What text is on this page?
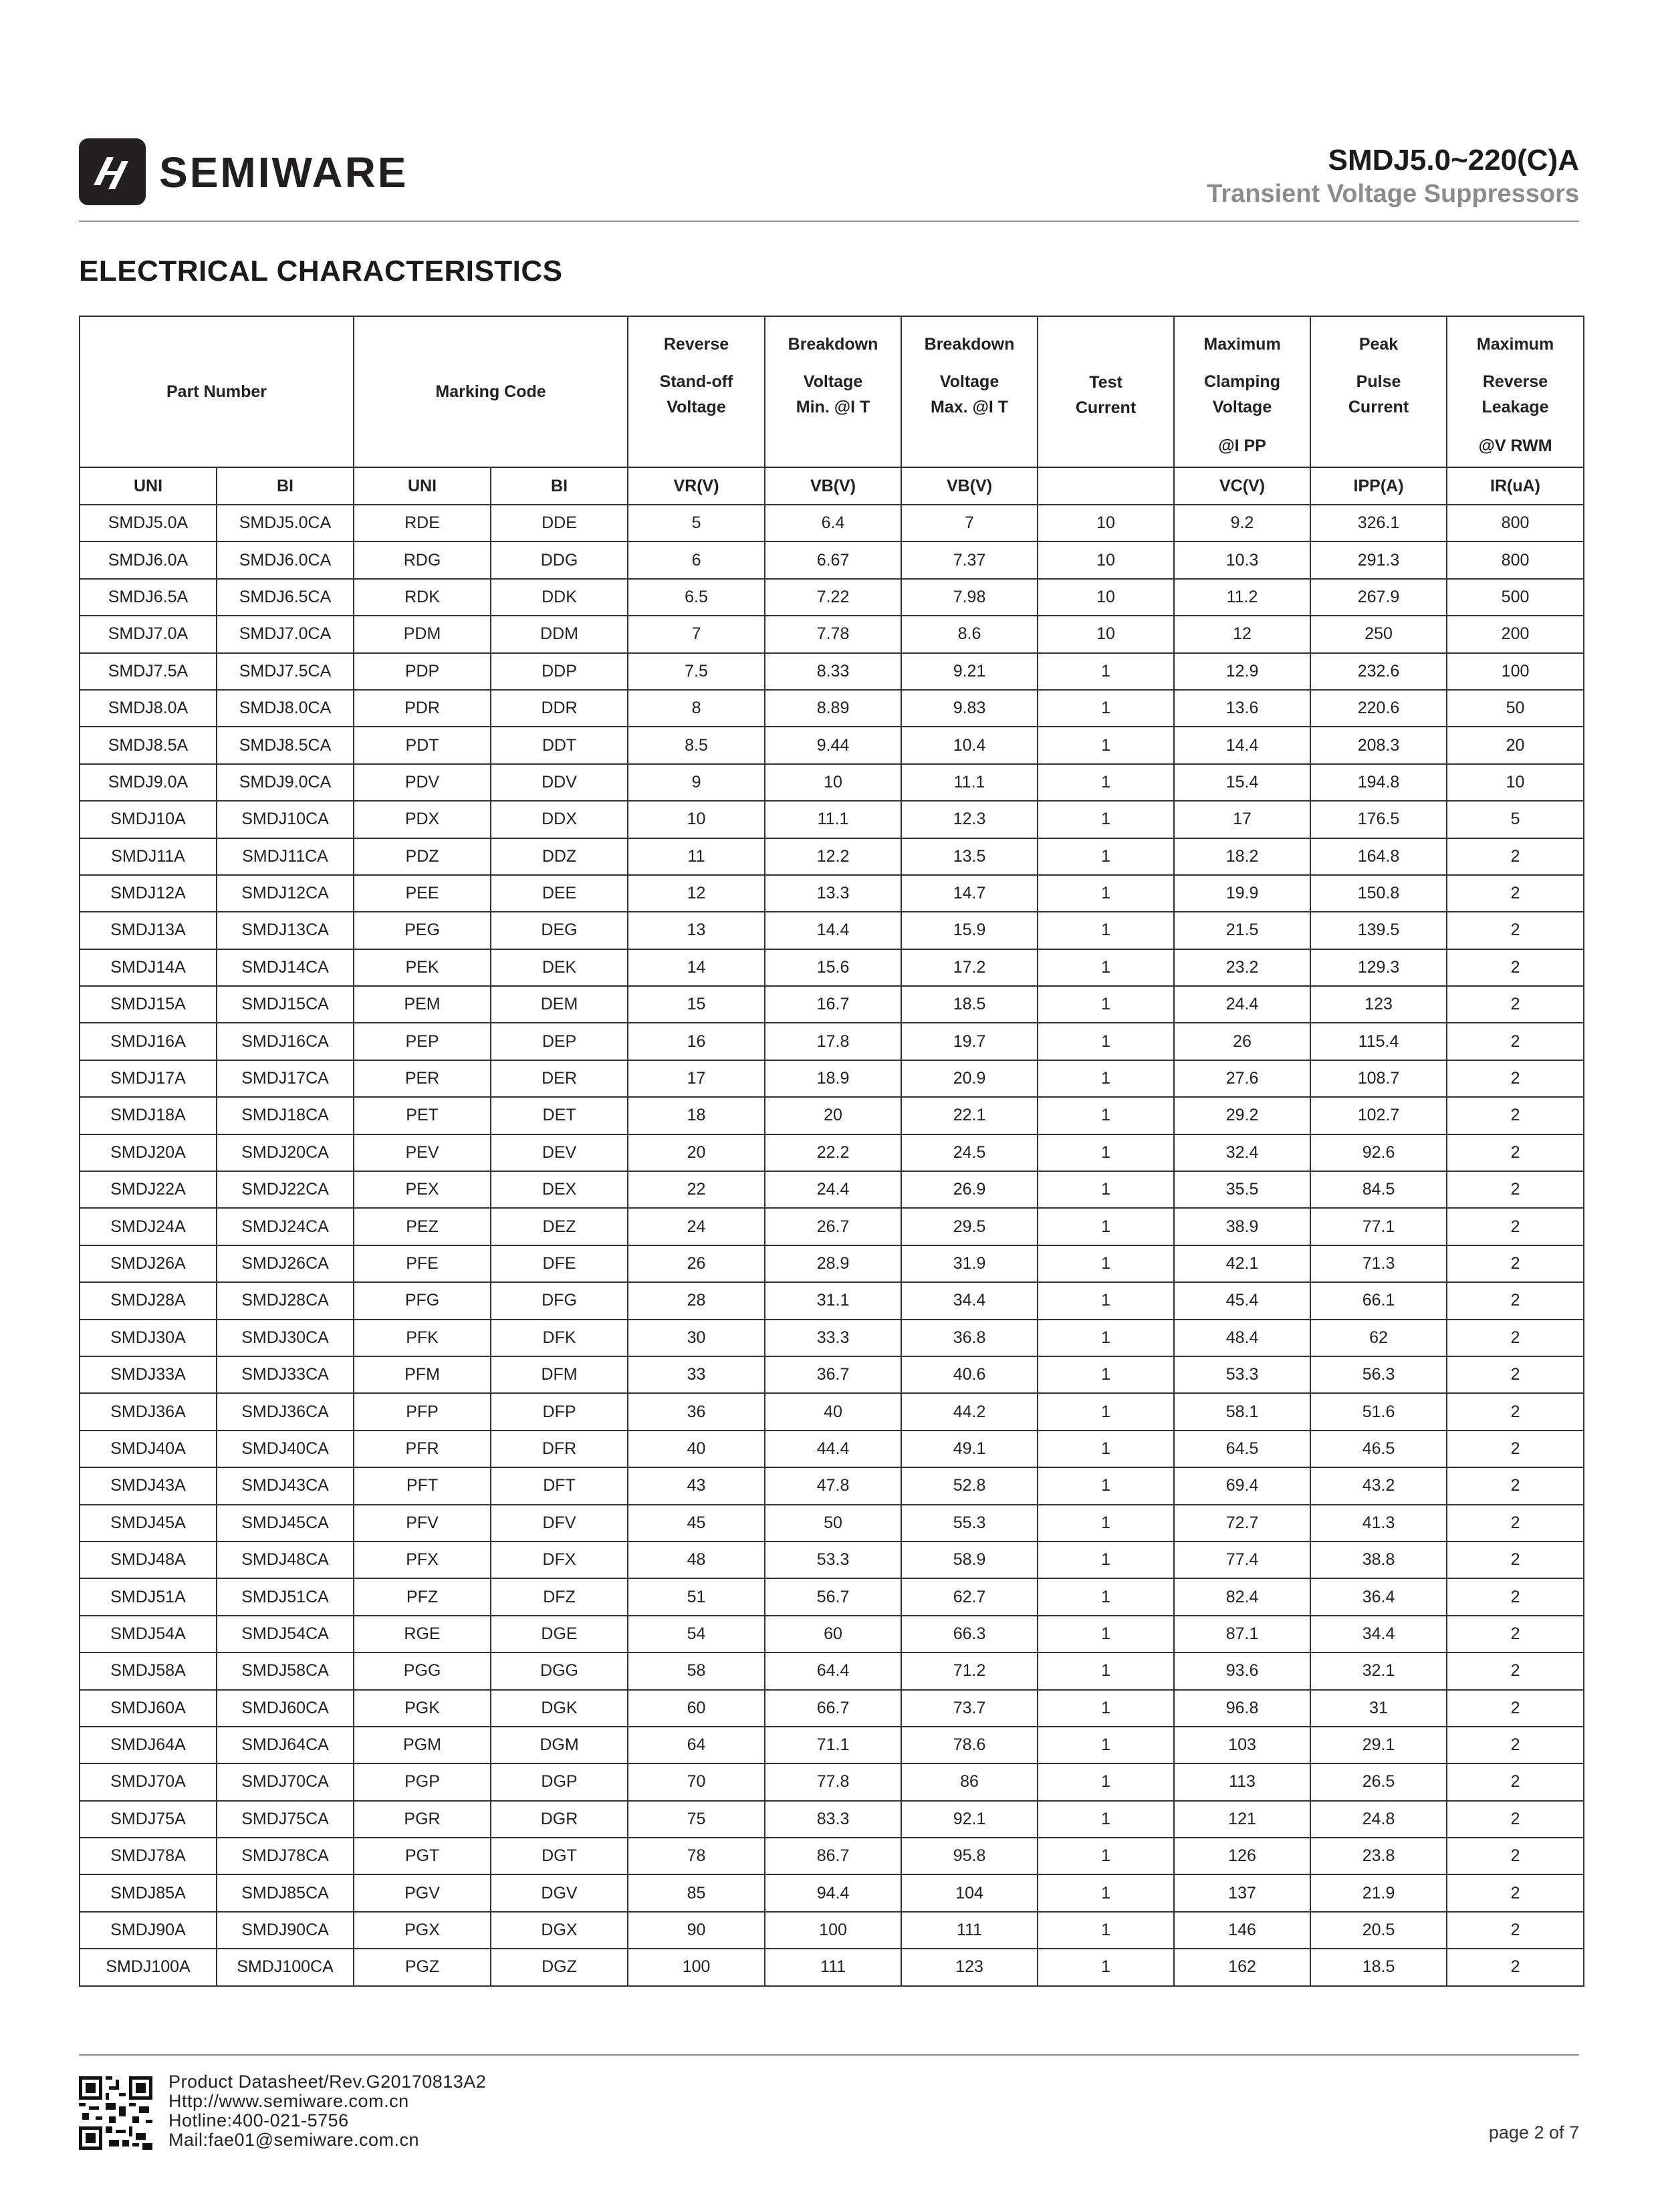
SEMIWARE	SMDJ5.0~220(C)A
Transient Voltage Suppressors
ELECTRICAL CHARACTERISTICS
Part Number		Marking Code		Reverse
Stand-off
Voltage	Breakdown
Voltage
Min. @I T	Breakdown
Voltage
Max. @I T	Test
Current	Maximum
Clamping
Voltage
@I PP	Peak
Pulse
Current	Maximum
Reverse
Leakage
@V RWM

UNI	BI	UNI	BI	VR(V)	VB(V)	VB(V)		VC(V)	IPP(A)	IR(uA)
SMDJ5.0A	SMDJ5.0CA	RDE	DDE	5	6.4	7	10	9.2	326.1	800
SMDJ6.0A	SMDJ6.0CA	RDG	DDG	6	6.67	7.37	10	10.3	291.3	800
SMDJ6.5A	SMDJ6.5CA	RDK	DDK	6.5	7.22	7.98	10	11.2	267.9	500
SMDJ7.0A	SMDJ7.0CA	PDM	DDM	7	7.78	8.6	10	12	250	200
SMDJ7.5A	SMDJ7.5CA	PDP	DDP	7.5	8.33	9.21	1	12.9	232.6	100
SMDJ8.0A	SMDJ8.0CA	PDR	DDR	8	8.89	9.83	1	13.6	220.6	50
SMDJ8.5A	SMDJ8.5CA	PDT	DDT	8.5	9.44	10.4	1	14.4	208.3	20
SMDJ9.0A	SMDJ9.0CA	PDV	DDV	9	10	11.1	1	15.4	194.8	10
SMDJ10A	SMDJ10CA	PDX	DDX	10	11.1	12.3	1	17	176.5	5
SMDJ11A	SMDJ11CA	PDZ	DDZ	11	12.2	13.5	1	18.2	164.8	2
SMDJ12A	SMDJ12CA	PEE	DEE	12	13.3	14.7	1	19.9	150.8	2
SMDJ13A	SMDJ13CA	PEG	DEG	13	14.4	15.9	1	21.5	139.5	2
SMDJ14A	SMDJ14CA	PEK	DEK	14	15.6	17.2	1	23.2	129.3	2
SMDJ15A	SMDJ15CA	PEM	DEM	15	16.7	18.5	1	24.4	123	2
SMDJ16A	SMDJ16CA	PEP	DEP	16	17.8	19.7	1	26	115.4	2
SMDJ17A	SMDJ17CA	PER	DER	17	18.9	20.9	1	27.6	108.7	2
SMDJ18A	SMDJ18CA	PET	DET	18	20	22.1	1	29.2	102.7	2
SMDJ20A	SMDJ20CA	PEV	DEV	20	22.2	24.5	1	32.4	92.6	2
SMDJ22A	SMDJ22CA	PEX	DEX	22	24.4	26.9	1	35.5	84.5	2
SMDJ24A	SMDJ24CA	PEZ	DEZ	24	26.7	29.5	1	38.9	77.1	2
SMDJ26A	SMDJ26CA	PFE	DFE	26	28.9	31.9	1	42.1	71.3	2
SMDJ28A	SMDJ28CA	PFG	DFG	28	31.1	34.4	1	45.4	66.1	2
SMDJ30A	SMDJ30CA	PFK	DFK	30	33.3	36.8	1	48.4	62	2
SMDJ33A	SMDJ33CA	PFM	DFM	33	36.7	40.6	1	53.3	56.3	2
SMDJ36A	SMDJ36CA	PFP	DFP	36	40	44.2	1	58.1	51.6	2
SMDJ40A	SMDJ40CA	PFR	DFR	40	44.4	49.1	1	64.5	46.5	2
SMDJ43A	SMDJ43CA	PFT	DFT	43	47.8	52.8	1	69.4	43.2	2
SMDJ45A	SMDJ45CA	PFV	DFV	45	50	55.3	1	72.7	41.3	2
SMDJ48A	SMDJ48CA	PFX	DFX	48	53.3	58.9	1	77.4	38.8	2
SMDJ51A	SMDJ51CA	PFZ	DFZ	51	56.7	62.7	1	82.4	36.4	2
SMDJ54A	SMDJ54CA	RGE	DGE	54	60	66.3	1	87.1	34.4	2
SMDJ58A	SMDJ58CA	PGG	DGG	58	64.4	71.2	1	93.6	32.1	2
SMDJ60A	SMDJ60CA	PGK	DGK	60	66.7	73.7	1	96.8	31	2
SMDJ64A	SMDJ64CA	PGM	DGM	64	71.1	78.6	1	103	29.1	2
SMDJ70A	SMDJ70CA	PGP	DGP	70	77.8	86	1	113	26.5	2
SMDJ75A	SMDJ75CA	PGR	DGR	75	83.3	92.1	1	121	24.8	2
SMDJ78A	SMDJ78CA	PGT	DGT	78	86.7	95.8	1	126	23.8	2
SMDJ85A	SMDJ85CA	PGV	DGV	85	94.4	104	1	137	21.9	2
SMDJ90A	SMDJ90CA	PGX	DGX	90	100	111	1	146	20.5	2
SMDJ100A	SMDJ100CA	PGZ	DGZ	100	111	123	1	162	18.5	2
Product Datasheet/Rev.G20170813A2
Http://www.semiware.com.cn
Hotline:400-021-5756
Mail:fae01@semiware.com.cn	page 2 of 7
